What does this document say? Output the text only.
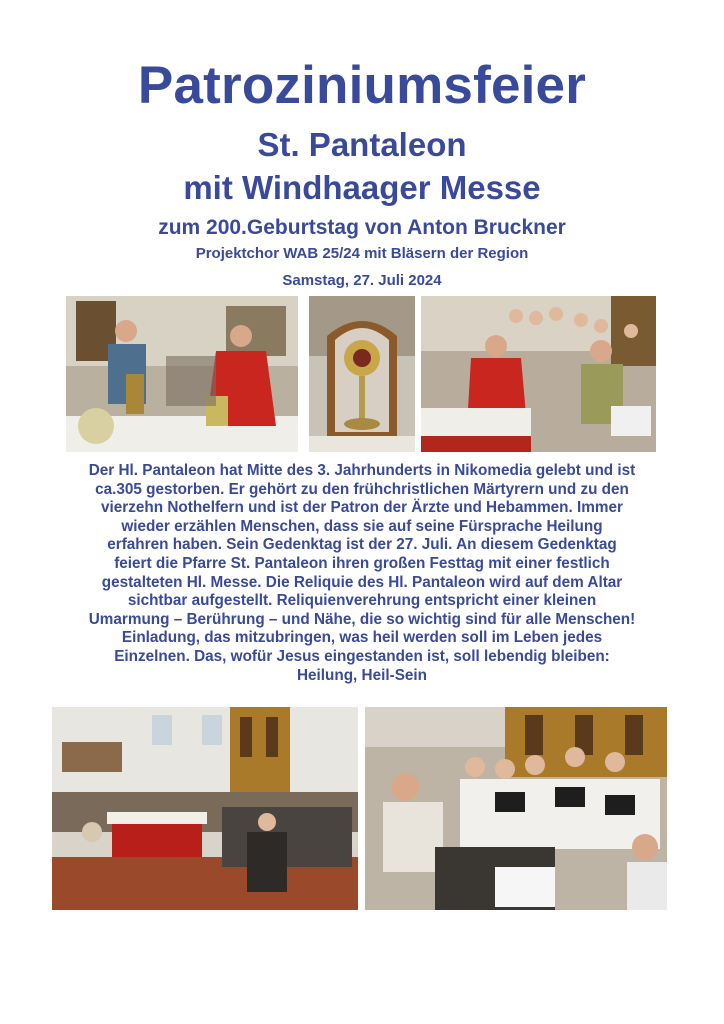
Patroziniumsfeier
St. Pantaleon
mit Windhaager Messe
zum 200.Geburtstag von Anton Bruckner
Projektchor WAB 25/24 mit Bläsern der Region
Samstag, 27. Juli 2024
Der Hl. Pantaleon hat Mitte des 3. Jahrhunderts in Nikomedia gelebt und ist
ca.305 gestorben. Er gehört zu den frühchristlichen Märtyrern und zu den
vierzehn Nothelfern und ist der Patron der Ärzte und Hebammen. Immer
wieder erzählen Menschen, dass sie auf seine Fürsprache Heilung
erfahren haben. Sein Gedenktag ist der 27. Juli. An diesem Gedenktag
feiert die Pfarre St. Pantaleon ihren großen Festtag mit einer festlich
gestalteten Hl. Messe. Die Reliquie des Hl. Pantaleon wird auf dem Altar
sichtbar aufgestellt. Reliquienverehrung entspricht einer kleinen
Umarmung – Berührung – und Nähe, die so wichtig sind für alle Menschen!
Einladung, das mitzubringen, was heil werden soll im Leben jedes
Einzelnen. Das, wofür Jesus eingestanden ist, soll lebendig bleiben:
Heilung, Heil-Sein
